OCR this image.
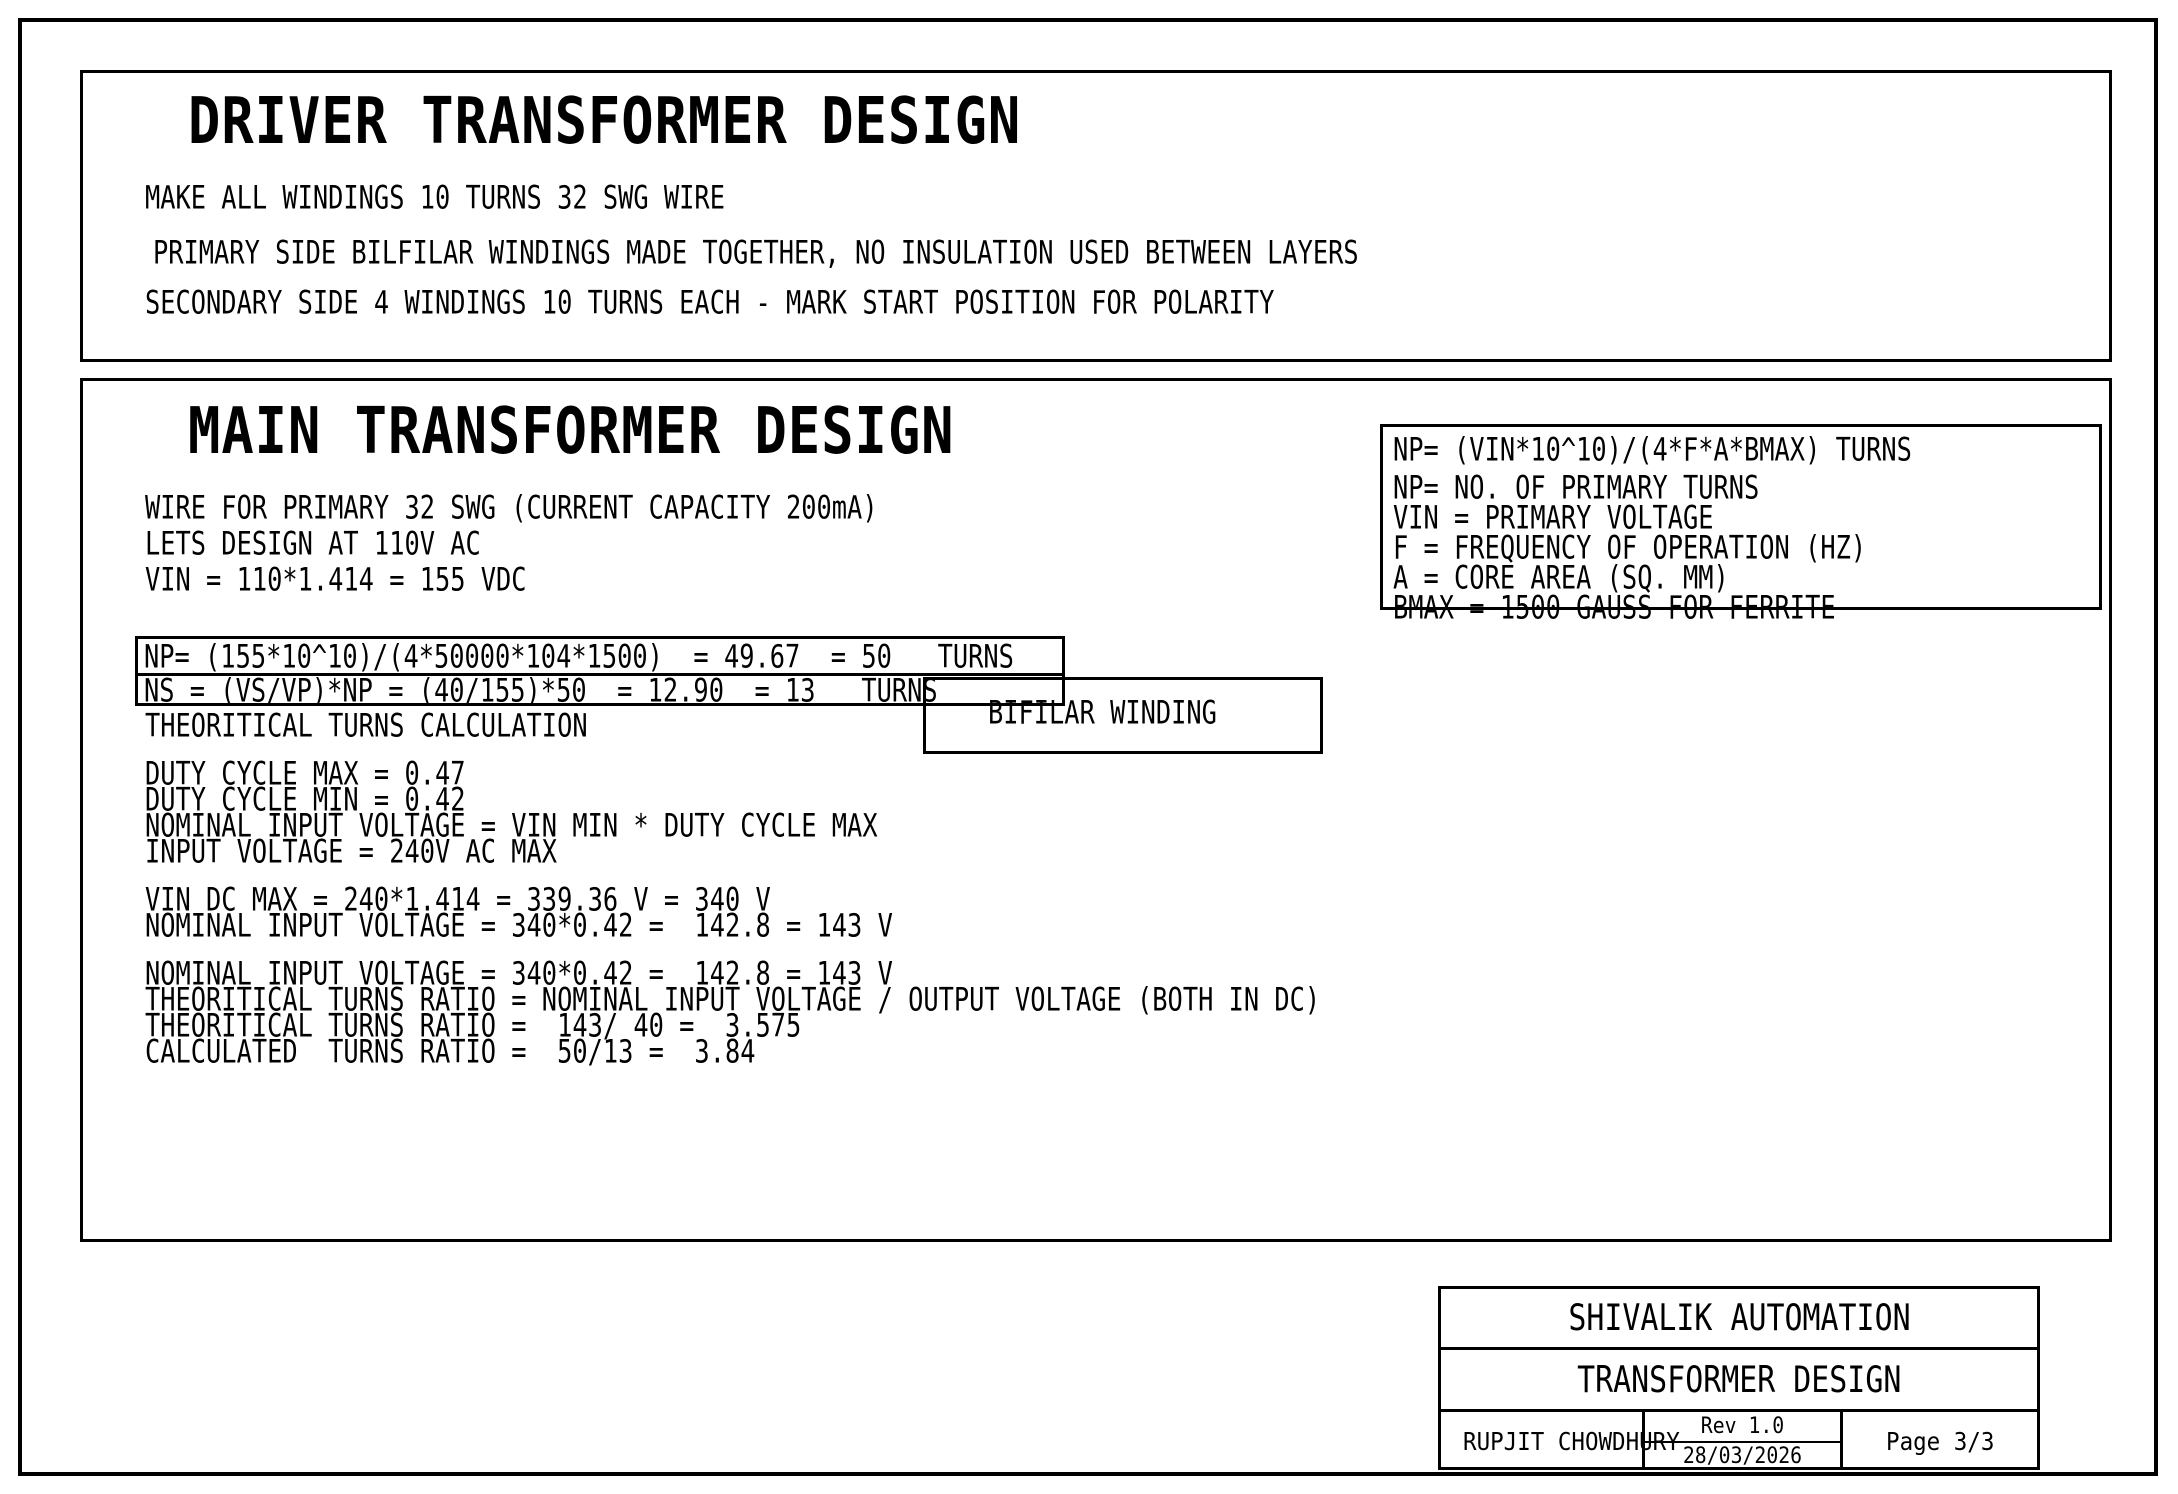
DRIVER TRANSFORMER DESIGN
MAKE ALL WINDINGS 10 TURNS 32 SWG WIRE
PRIMARY SIDE BILFILAR WINDINGS MADE TOGETHER, NO INSULATION USED BETWEEN LAYERS
SECONDARY SIDE 4 WINDINGS 10 TURNS EACH - MARK START POSITION FOR POLARITY
MAIN TRANSFORMER DESIGN
WIRE FOR PRIMARY 32 SWG (CURRENT CAPACITY 200mA)
LETS DESIGN AT 110V AC
VIN = 110*1.414 = 155 VDC
NP= (155*10^10)/(4*50000*104*1500)  = 49.67  = 50   TURNS
NS = (VS/VP)*NP = (40/155)*50  = 12.90  = 13   TURNS
THEORITICAL TURNS CALCULATION
DUTY CYCLE MAX = 0.47
DUTY CYCLE MIN = 0.42
NOMINAL INPUT VOLTAGE = VIN MIN * DUTY CYCLE MAX
INPUT VOLTAGE = 240V AC MAX
VIN DC MAX = 240*1.414 = 339.36 V = 340 V
NOMINAL INPUT VOLTAGE = 340*0.42 =  142.8 = 143 V
NOMINAL INPUT VOLTAGE = 340*0.42 =  142.8 = 143 V
THEORITICAL TURNS RATIO = NOMINAL INPUT VOLTAGE / OUTPUT VOLTAGE (BOTH IN DC)
THEORITICAL TURNS RATIO =  143/ 40 =  3.575
CALCULATED  TURNS RATIO =  50/13 =  3.84
NP= (VIN*10^10)/(4*F*A*BMAX) TURNS
NP= NO. OF PRIMARY TURNS
VIN = PRIMARY VOLTAGE
F = FREQUENCY OF OPERATION (HZ)
A = CORE AREA (SQ. MM)
BMAX = 1500 GAUSS FOR FERRITE
BIFILAR WINDING
SHIVALIK AUTOMATION
TRANSFORMER DESIGN
RUPJIT CHOWDHURY Rev 1.0
28/03/2026
Page 3/3
